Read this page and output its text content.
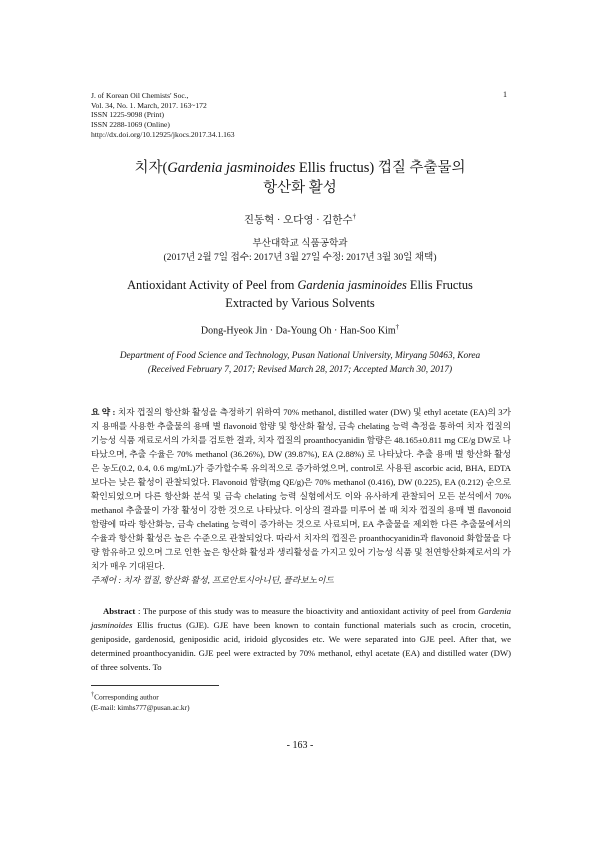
J. of Korean Oil Chemists' Soc.,
Vol. 34, No. 1. March, 2017. 163~172
ISSN 1225-9098 (Print)
ISSN 2288-1069 (Online)
http://dx.doi.org/10.12925/jkocs.2017.34.1.163
1
치자(Gardenia jasminoides Ellis fructus) 껍질 추출물의
항산화 활성
진동혁 · 오다영 · 김한수†
부산대학교 식품공학과
(2017년 2월 7일 접수: 2017년 3월 27일 수정: 2017년 3월 30일 채택)
Antioxidant Activity of Peel from Gardenia jasminoides Ellis Fructus
Extracted by Various Solvents
Dong-Hyeok Jin · Da-Young Oh · Han-Soo Kim†
Department of Food Science and Technology, Pusan National University, Miryang 50463, Korea
(Received February 7, 2017; Revised March 28, 2017; Accepted March 30, 2017)
요 약 : 치자 껍질의 항산화 활성을 측정하기 위하여 70% methanol, distilled water (DW) 및 ethyl acetate (EA)의 3가지 용매를 사용한 추출물의 용매 별 flavonoid 함량 및 항산화 활성, 금속 chelating 능력 측정을 통하여 치자 껍질의 기능성 식품 재료로서의 가치를 검토한 결과, 치자 껍질의 proanthocyanidin 함량은 48.165±0.811 mg CE/g DW로 나타났으며, 추출 수율은 70% methanol (36.26%), DW (39.87%), EA (2.88%) 로 나타났다. 추출 용매 별 항산화 활성은 농도(0.2, 0.4, 0.6 mg/mL)가 증가할수록 유의적으로 증가하였으며, control로 사용된 ascorbic acid, BHA, EDTA 보다는 낮은 활성이 관찰되었다. Flavonoid 함량(mg QE/g)은 70% methanol (0.416), DW (0.225), EA (0.212) 순으로 확인되었으며 다른 항산화 분석 및 금속 chelating 능력 실험에서도 이와 유사하게 관찰되어 모든 분석에서 70% methanol 추출물이 가장 활성이 강한 것으로 나타났다. 이상의 결과를 미루어 볼 때 치자 껍질의 용매 별 flavonoid 함량에 따라 항산화능, 금속 chelating 능력이 증가하는 것으로 사료되며, EA 추출물을 제외한 다른 추출물에서의 수율과 항산화 활성은 높은 수준으로 관찰되었다. 따라서 치자의 껍질은 proanthocyanidin과 flavonoid 화합물을 다량 함유하고 있으며 그로 인한 높은 항산화 활성과 생리활성을 가지고 있어 기능성 식품 및 천연항산화제로서의 가치가 매우 기대된다.
주제어 : 치자 껍질, 항산화 활성, 프로안토시아니딘, 플라보노이드
Abstract : The purpose of this study was to measure the bioactivity and antioxidant activity of peel from Gardenia jasminoides Ellis fructus (GJE). GJE have been known to contain functional materials such as crocin, crocetin, geniposide, gardenosid, geniposidic acid, iridoid glycosides etc. We were separated into GJE peel. After that, we determined proanthocyanidin. GJE peel were extracted by 70% methanol, ethyl acetate (EA) and distilled water (DW) of three solvents. To
†Corresponding author
(E-mail: kimhs777@pusan.ac.kr)
- 163 -
